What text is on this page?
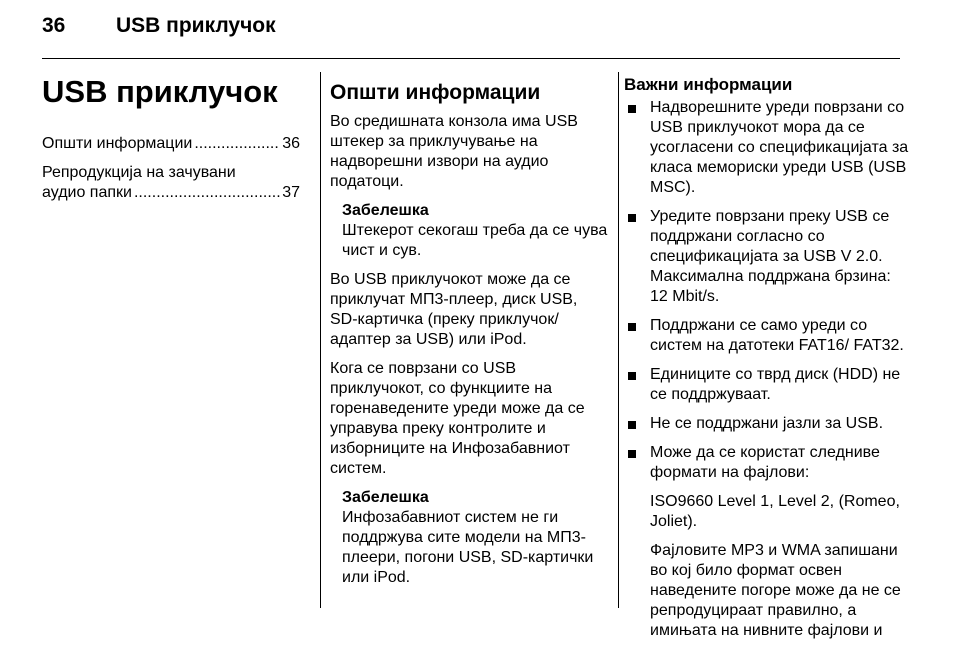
36 USB приклучок
USB приклучок
Општи информации .....	36
Репродукција на зачувани
аудио папки .....	37
Општи информации

Во средишната конзола има USB штекер за приклучување на надворешни извори на аудио податоци.

Забелешка
Штекерот секогаш треба да се чува чист и сув.

Во USB приклучокот може да се приклучат МП3-плеер, диск USB, SD-картичка (преку приклучок/ адаптер за USB) или iPod.

Кога се поврзани со USB приклучокот, со функциите на горенаведените уреди може да се управува преку контролите и изборниците на Инфозабавниот систем.

Забелешка
Инфозабавниот систем не ги поддржува сите модели на МП3-плеери, погони USB, SD-картички или iPod.
Важни информации
Надворешните уреди поврзани со USB приклучокот мора да се усогласени со спецификацијата за класа мемориски уреди USB (USB MSC).
Уредите поврзани преку USB се поддржани согласно со спецификацијата за USB V 2.0. Максимална поддржана брзина: 12 Mbit/s.
Поддржани се само уреди со систем на датотеки FAT16/ FAT32.
Единиците со тврд диск (HDD) не се поддржуваат.
Не се поддржани јазли за USB.
Може да се користат следниве формати на фајлови:
ISO9660 Level 1, Level 2, (Romeo, Joliet).
Фајловите MP3 и WMA запишани во кој било формат освен наведените погоре може да не се репродуцираат правилно, а имињата на нивните фајлови и
